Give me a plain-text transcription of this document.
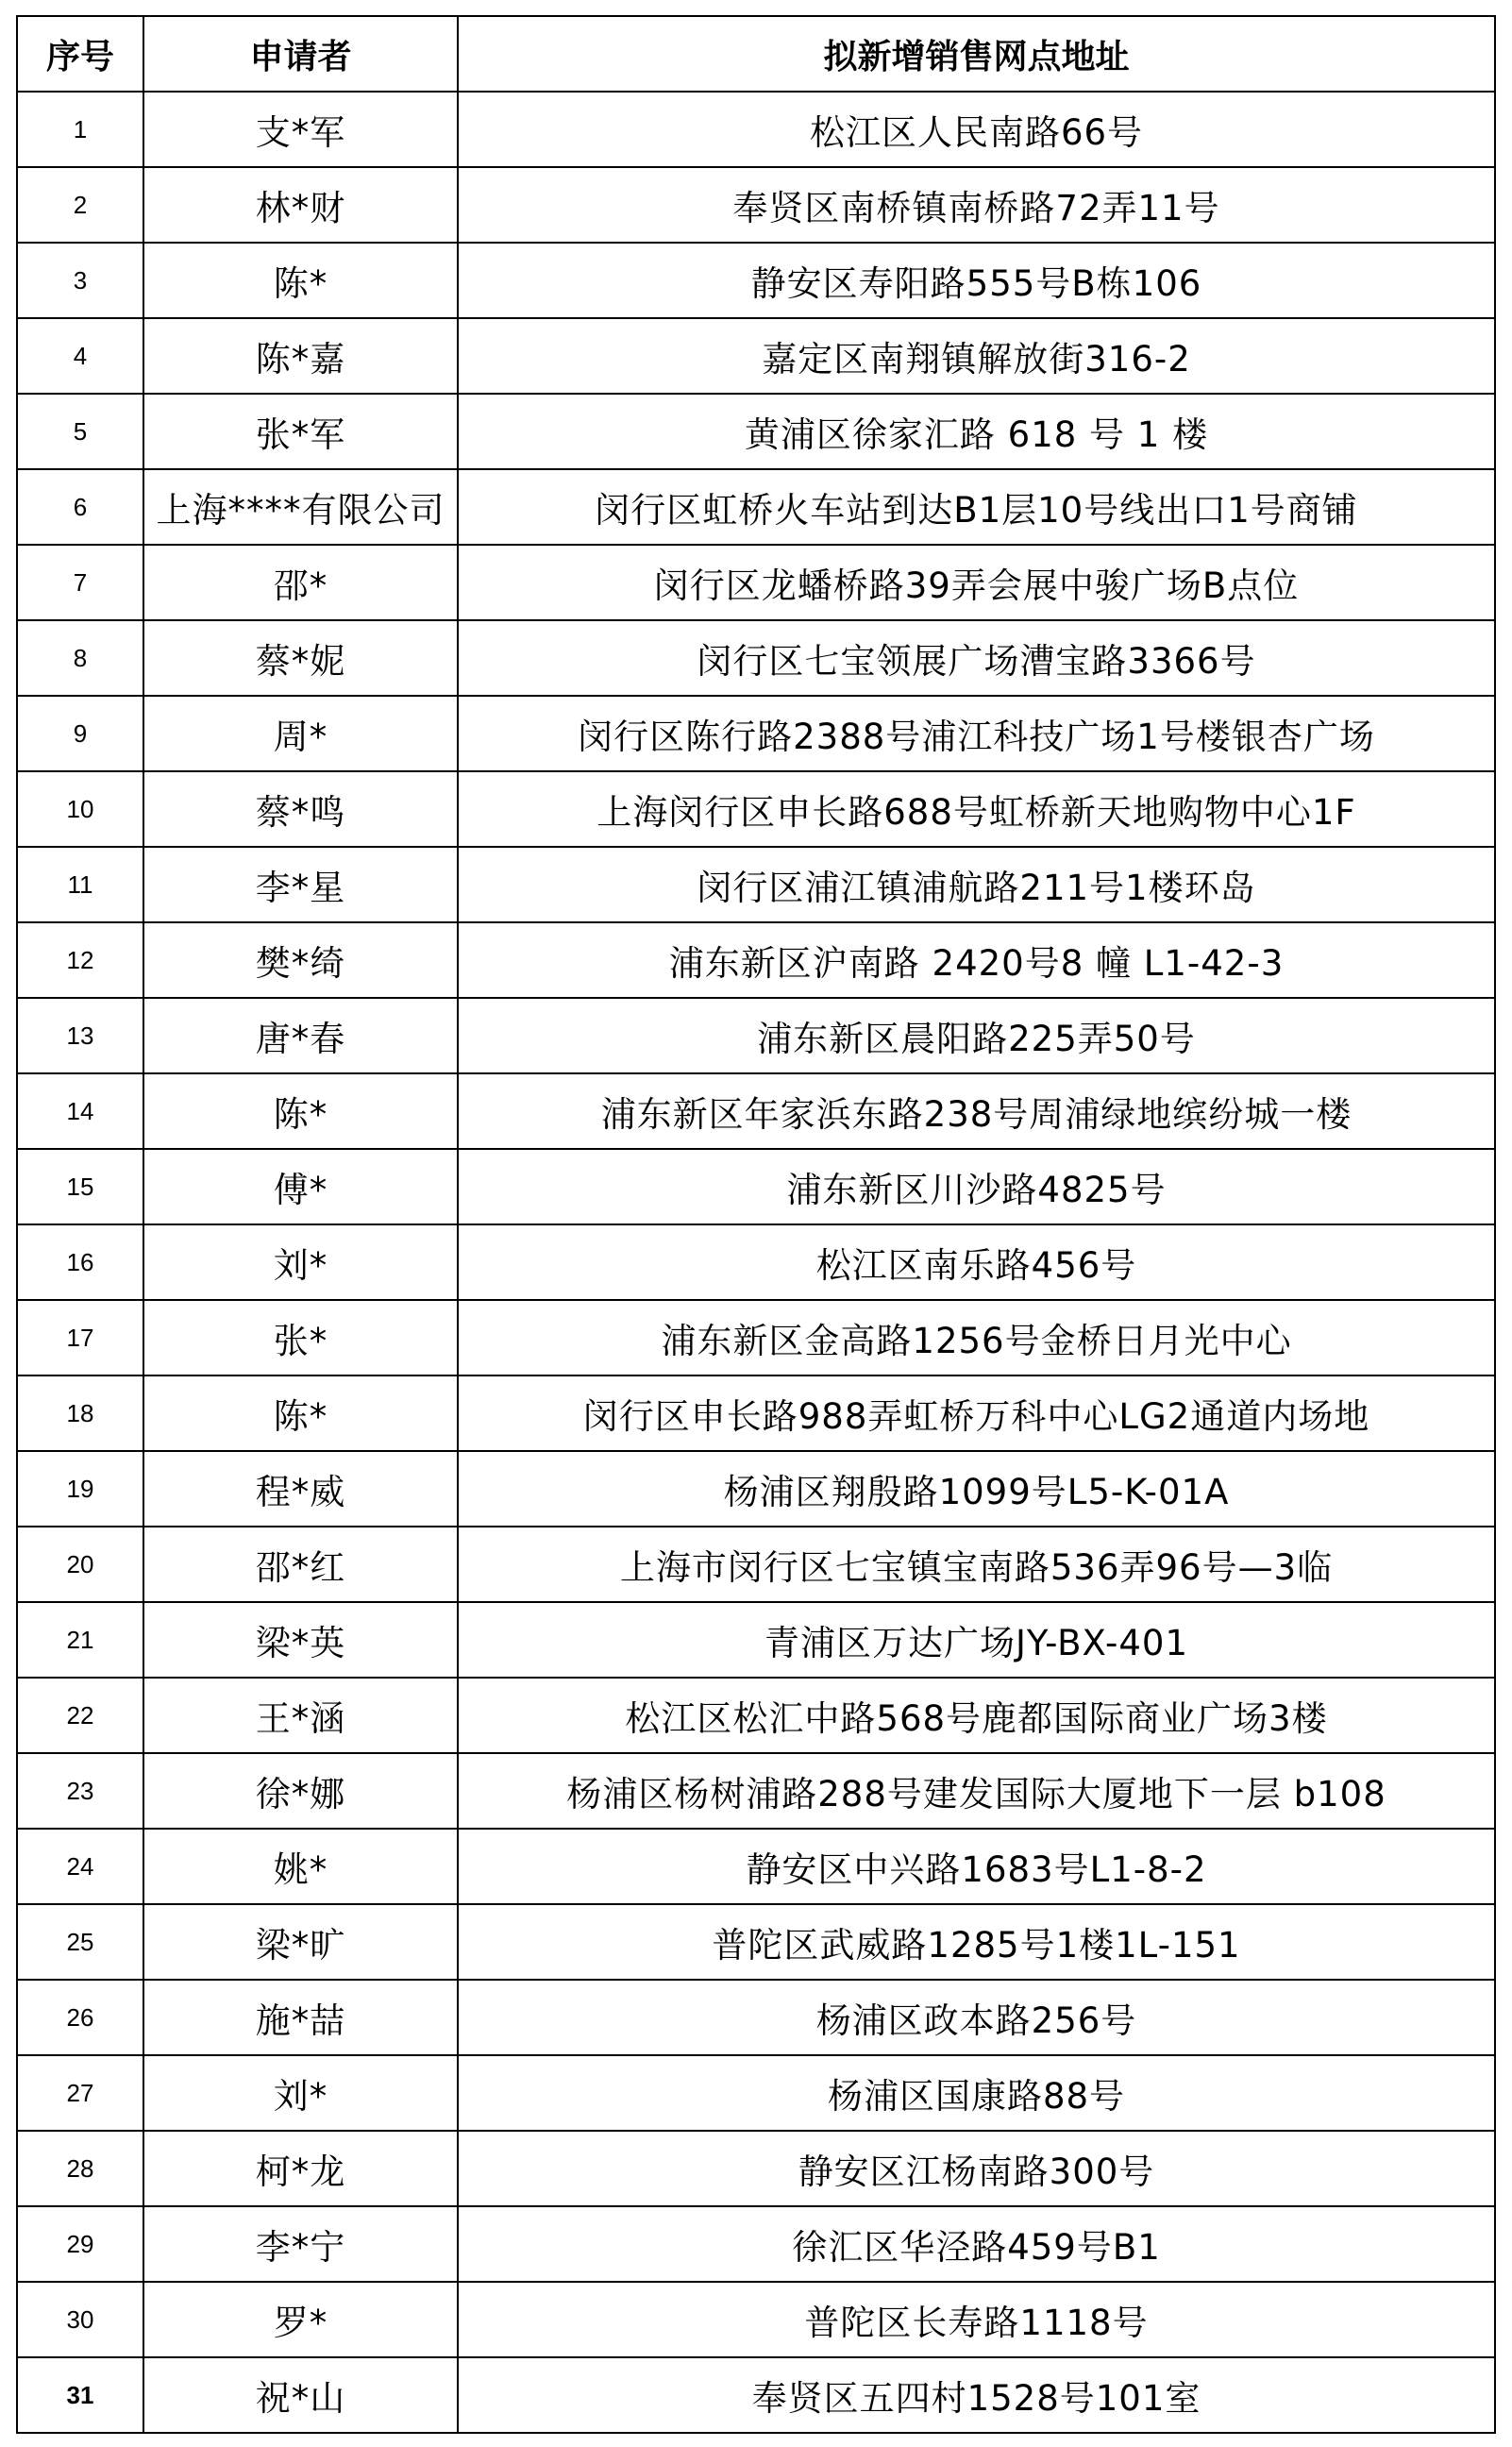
序号	申请者	拟新增销售网点地址
1	支*军	松江区人民南路66号
2	林*财	奉贤区南桥镇南桥路72弄11号
3	陈*	静安区寿阳路555号B栋106
4	陈*嘉	嘉定区南翔镇解放街316-2
5	张*军	黄浦区徐家汇路 618 号 1 楼
6	上海****有限公司	闵行区虹桥火车站到达B1层10号线出口1号商铺
7	邵*	闵行区龙蟠桥路39弄会展中骏广场B点位
8	蔡*妮	闵行区七宝领展广场漕宝路3366号
9	周*	闵行区陈行路2388号浦江科技广场1号楼银杏广场
10	蔡*鸣	上海闵行区申长路688号虹桥新天地购物中心1F
11	李*星	闵行区浦江镇浦航路211号1楼环岛
12	樊*绮	浦东新区沪南路 2420号8 幢 L1-42-3
13	唐*春	浦东新区晨阳路225弄50号
14	陈*	浦东新区年家浜东路238号周浦绿地缤纷城一楼
15	傅*	浦东新区川沙路4825号
16	刘*	松江区南乐路456号
17	张*	浦东新区金高路1256号金桥日月光中心
18	陈*	闵行区申长路988弄虹桥万科中心LG2通道内场地
19	程*威	杨浦区翔殷路1099号L5-K-01A
20	邵*红	上海市闵行区七宝镇宝南路536弄96号—3临
21	梁*英	青浦区万达广场JY-BX-401
22	王*涵	松江区松汇中路568号鹿都国际商业广场3楼
23	徐*娜	杨浦区杨树浦路288号建发国际大厦地下一层 b108
24	姚*	静安区中兴路1683号L1-8-2
25	梁*旷	普陀区武威路1285号1楼1L-151
26	施*喆	杨浦区政本路256号
27	刘*	杨浦区国康路88号
28	柯*龙	静安区江杨南路300号
29	李*宁	徐汇区华泾路459号B1
30	罗*	普陀区长寿路1118号
31	祝*山	奉贤区五四村1528号101室
